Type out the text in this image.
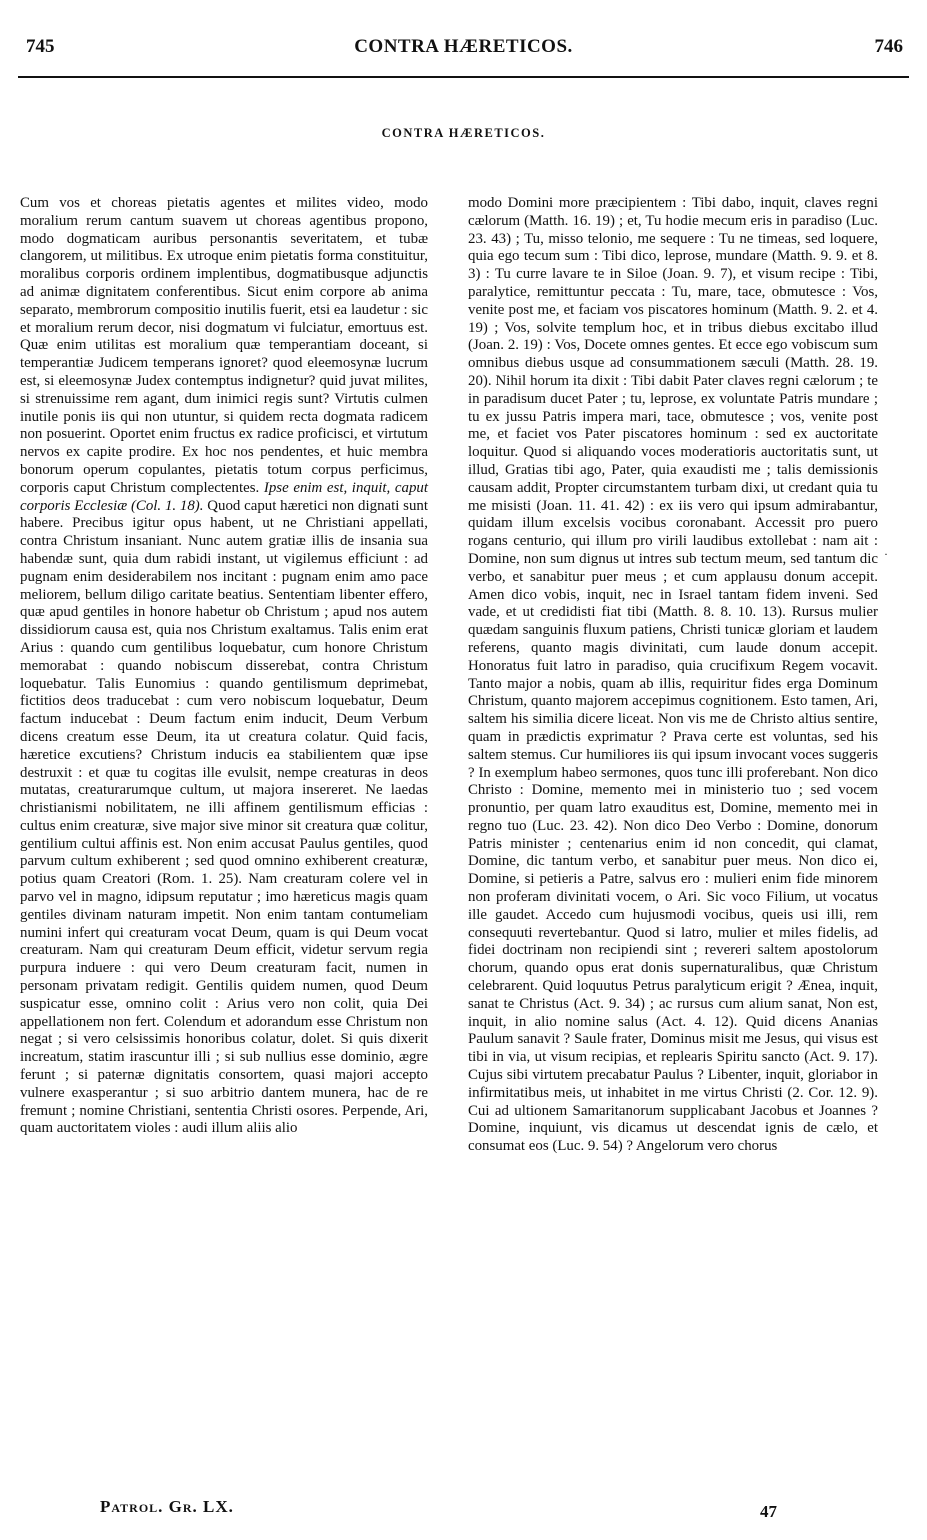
745	CONTRA HÆRETICOS.	746
CONTRA HÆRETICOS.
Cum vos et choreas pietatis agentes et milites video, modo moralium rerum cantum suavem ut choreas agentibus propono, modo dogmaticam auribus personantis severitatem, et tubæ clangorem, ut militibus. Ex utroque enim pietatis forma constituitur, moralibus corporis ordinem implentibus, dogmatibusque adjunctis ad animæ dignitatem conferentibus. Sicut enim corpore ab anima separato, membrorum compositio inutilis fuerit, etsi ea laudetur : sic et moralium rerum decor, nisi dogmatum vi fulciatur, emortuus est. Quæ enim utilitas est moralium quæ temperantiam doceant, si temperantiæ Judicem temperans ignoret? quod eleemosynæ lucrum est, si eleemosynæ Judex contemptus indignetur? quid juvat milites, si strenuissime rem agant, dum inimici regis sunt? Virtutis culmen inutile ponis iis qui non utuntur, si quidem recta dogmata radicem non posuerint. Oportet enim fructus ex radice proficisci, et virtutum nervos ex capite prodire. Ex hoc nos pendentes, et huic membra bonorum operum copulantes, pietatis totum corpus perficimus, corporis caput Christum complectentes. Ipse enim est, inquit, caput corporis Ecclesiæ (Col. 1. 18). Quod caput hæretici non dignati sunt habere. Precibus igitur opus habent, ut ne Christiani appellati, contra Christum insaniant. Nunc autem gratiæ illis de insania sua habendæ sunt, quia dum rabidi instant, ut vigilemus efficiunt : ad pugnam enim desiderabilem nos incitant : pugnam enim amo pace meliorem, bellum diligo caritate beatius. Sententiam libenter effero, quæ apud gentiles in honore habetur ob Christum ; apud nos autem dissidiorum causa est, quia nos Christum exaltamus. Talis enim erat Arius : quando cum gentilibus loquebatur, cum honore Christum memorabat : quando nobiscum disserebat, contra Christum loquebatur. Talis Eunomius : quando gentilismum deprimebat, fictitios deos traducebat : cum vero nobiscum loquebatur, Deum factum inducebat : Deum factum enim inducit, Deum Verbum dicens creatum esse Deum, ita ut creatura colatur. Quid facis, hæretice excutiens? Christum inducis ea stabilientem quæ ipse destruxit : et quæ tu cogitas ille evulsit, nempe creaturas in deos mutatas, creaturarumque cultum, ut majora insereret. Ne laedas christianismi nobilitatem, ne illi affinem gentilismum efficias : cultus enim creaturæ, sive major sive minor sit creatura quæ colitur, gentilium cultui affinis est. Non enim accusat Paulus gentiles, quod parvum cultum exhiberent ; sed quod omnino exhiberent creaturæ, potius quam Creatori (Rom. 1. 25). Nam creaturam colere vel in parvo vel in magno, idipsum reputatur ; imo hæreticus magis quam gentiles divinam naturam impetit. Non enim tantam contumeliam numini infert qui creaturam vocat Deum, quam is qui Deum vocat creaturam. Nam qui creaturam Deum efficit, videtur servum regia purpura induere : qui vero Deum creaturam facit, numen in personam privatam redigit. Gentilis quidem numen, quod Deum suspicatur esse, omnino colit : Arius vero non colit, quia Dei appellationem non fert. Colendum et adorandum esse Christum non negat ; si vero celsissimis honoribus colatur, dolet. Si quis dixerit increatum, statim irascuntur illi ; si sub nullius esse dominio, ægre ferunt ; si paternæ dignitatis consortem, quasi majori accepto vulnere exasperantur ; si suo arbitrio dantem munera, hac de re fremunt ; nomine Christiani, sententia Christi osores. Perpende, Ari, quam auctoritatem violes : audi illum aliis alio
modo Domini more præcipientem : Tibi dabo, inquit, claves regni cælorum (Matth. 16. 19) ; et, Tu hodie mecum eris in paradiso (Luc. 23. 43) ; Tu, misso telonio, me sequere : Tu ne timeas, sed loquere, quia ego tecum sum : Tibi dico, leprose, mundare (Matth. 9. 9. et 8. 3) : Tu curre lavare te in Siloe (Joan. 9. 7), et visum recipe : Tibi, paralytice, remittuntur peccata : Tu, mare, tace, obmutesce : Vos, venite post me, et faciam vos piscatores hominum (Matth. 9. 2. et 4. 19) ; Vos, solvite templum hoc, et in tribus diebus excitabo illud (Joan. 2. 19) : Vos, Docete omnes gentes. Et ecce ego vobiscum sum omnibus diebus usque ad consummationem sæculi (Matth. 28. 19. 20). Nihil horum ita dixit : Tibi dabit Pater claves regni cælorum ; te in paradisum ducet Pater ; tu, leprose, ex voluntate Patris mundare ; tu ex jussu Patris impera mari, tace, obmutesce ; vos, venite post me, et faciet vos Pater piscatores hominum : sed ex auctoritate loquitur. Quod si aliquando voces moderatioris auctoritatis sunt, ut illud, Gratias tibi ago, Pater, quia exaudisti me ; talis demissionis causam addit, Propter circumstantem turbam dixi, ut credant quia tu me misisti (Joan. 11. 41. 42) : ex iis vero qui ipsum admirabantur, quidam illum excelsis vocibus coronabant. Accessit pro puero rogans centurio, qui illum pro virili laudibus extollebat : nam ait : Domine, non sum dignus ut intres sub tectum meum, sed tantum dic verbo, et sanabitur puer meus ; et cum applausu donum accepit. Amen dico vobis, inquit, nec in Israel tantam fidem inveni. Sed vade, et ut credidisti fiat tibi (Matth. 8. 8. 10. 13). Rursus mulier quædam sanguinis fluxum patiens, Christi tunicæ gloriam et laudem referens, quanto magis divinitati, cum laude donum accepit. Honoratus fuit latro in paradiso, quia crucifixum Regem vocavit. Tanto major a nobis, quam ab illis, requiritur fides erga Dominum Christum, quanto majorem accepimus cognitionem. Esto tamen, Ari, saltem his similia dicere liceat. Non vis me de Christo altius sentire, quam in prædictis exprimatur ? Prava certe est voluntas, sed his saltem stemus. Cur humiliores iis qui ipsum invocant voces suggeris ? In exemplum habeo sermones, quos tunc illi proferebant. Non dico Christo : Domine, memento mei in ministerio tuo ; sed vocem pronuntio, per quam latro exauditus est, Domine, memento mei in regno tuo (Luc. 23. 42). Non dico Deo Verbo : Domine, donorum Patris minister ; centenarius enim id non concedit, qui clamat, Domine, dic tantum verbo, et sanabitur puer meus. Non dico ei, Domine, si petieris a Patre, salvus ero : mulieri enim fide minorem non proferam divinitati vocem, o Ari. Sic voco Filium, ut vocatus ille gaudet. Accedo cum hujusmodi vocibus, queis usi illi, rem consequuti revertebantur. Quod si latro, mulier et miles fidelis, ad fidei doctrinam non recipiendi sint ; revereri saltem apostolorum chorum, quando opus erat donis supernaturalibus, quæ Christum celebrarent. Quid loquutus Petrus paralyticum erigit ? Ænea, inquit, sanat te Christus (Act. 9. 34) ; ac rursus cum alium sanat, Non est, inquit, in alio nomine salus (Act. 4. 12). Quid dicens Ananias Paulum sanavit ? Saule frater, Dominus misit me Jesus, qui visus est tibi in via, ut visum recipias, et replearis Spiritu sancto (Act. 9. 17). Cujus sibi virtutem precabatur Paulus ? Libenter, inquit, gloriabor in infirmitatibus meis, ut inhabitet in me virtus Christi (2. Cor. 12. 9). Cui ad ultionem Samaritanorum supplicabant Jacobus et Joannes ? Domine, inquiunt, vis dicamus ut descendat ignis de cælo, et consumat eos (Luc. 9. 54) ? Angelorum vero chorus
·
Patrol. Gr. LX.	47
